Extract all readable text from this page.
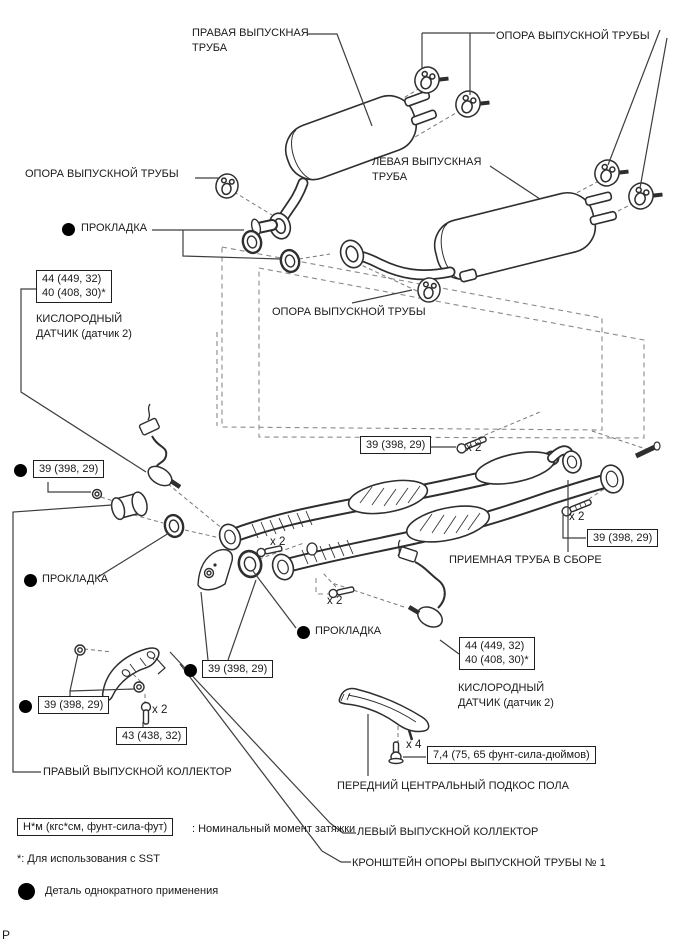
ПРАВАЯ ВЫПУСКНАЯ ТРУБА
ОПОРА ВЫПУСКНОЙ ТРУБЫ
ОПОРА ВЫПУСКНОЙ ТРУБЫ
ЛЕВАЯ ВЫПУСКНАЯ ТРУБА
ПРОКЛАДКА
44 (449, 32)
40 (408, 30)*
КИСЛОРОДНЫЙ ДАТЧИК (датчик 2)
ОПОРА ВЫПУСКНОЙ ТРУБЫ
39 (398, 29)	x 2
39 (398, 29)
x 2
39 (398, 29)
x 2
ПРИЕМНАЯ ТРУБА В СБОРЕ
ПРОКЛАДКА
x 2
ПРОКЛАДКА
39 (398, 29)
44 (449, 32)
40 (408, 30)*
КИСЛОРОДНЫЙ ДАТЧИК (датчик 2)
39 (398, 29)	x 2
43 (438, 32)
ПРАВЫЙ ВЫПУСКНОЙ КОЛЛЕКТОР
x 4
7,4 (75, 65 фунт-сила-дюймов)
ПЕРЕДНИЙ ЦЕНТРАЛЬНЫЙ ПОДКОС ПОЛА
Н*м (кгс*см, фунт-сила-фут)	: Номинальный момент затяжки ЛЕВЫЙ ВЫПУСКНОЙ КОЛЛЕКТОР
*: Для использования с SST	КРОНШТЕЙН ОПОРЫ ВЫПУСКНОЙ ТРУБЫ № 1
Деталь однократного применения
P
